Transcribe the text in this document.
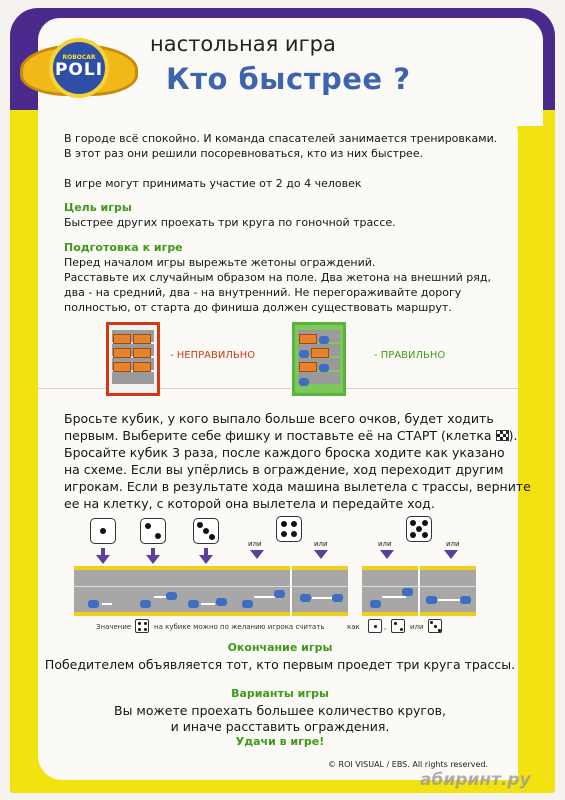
ROBOCAR
POLI
настольная игра
Кто быстрее ?
В городе всё спокойно. И команда спасателей занимается тренировками.
В этот раз они решили посоревноваться, кто из них быстрее.
В игре могут принимать участие от 2 до 4 человек
Цель игры
Быстрее других проехать три круга по гоночной трассе.
Подготовка к игре
Перед началом игры вырежьте жетоны ограждений.
Расставьте их случайным образом на поле. Два жетона на внешний ряд,
два - на средний, два - на внутренний. Не перегораживайте дорогу
полностью, от старта до финиша должен существовать маршрут.
- НЕПРАВИЛЬНО	- ПРАВИЛЬНО
Бросьте кубик, у кого выпало больше всего очков, будет ходить
первым. Выберите себе фишку и поставьте её на СТАРТ (клетка ).
Бросайте кубик 3 раза, после каждого броска ходите как указано
на схеме. Если вы упёрлись в ограждение, ход переходит другим
игрокам. Если в результате хода машина вылетела с трассы, верните
ее на клетку, с которой она вылетела и передайте ход.
или	или	или	или
Значение	на кубике можно по желанию игрока считать	как	,	или
Окончание игры
Победителем объявляется тот, кто первым проедет три круга трассы.
Варианты игры
Вы можете проехать большее количество кругов,
и иначе расставить ограждения.
Удачи в игре!
© ROI VISUAL / EBS. All rights reserved.
абиринт.ру
